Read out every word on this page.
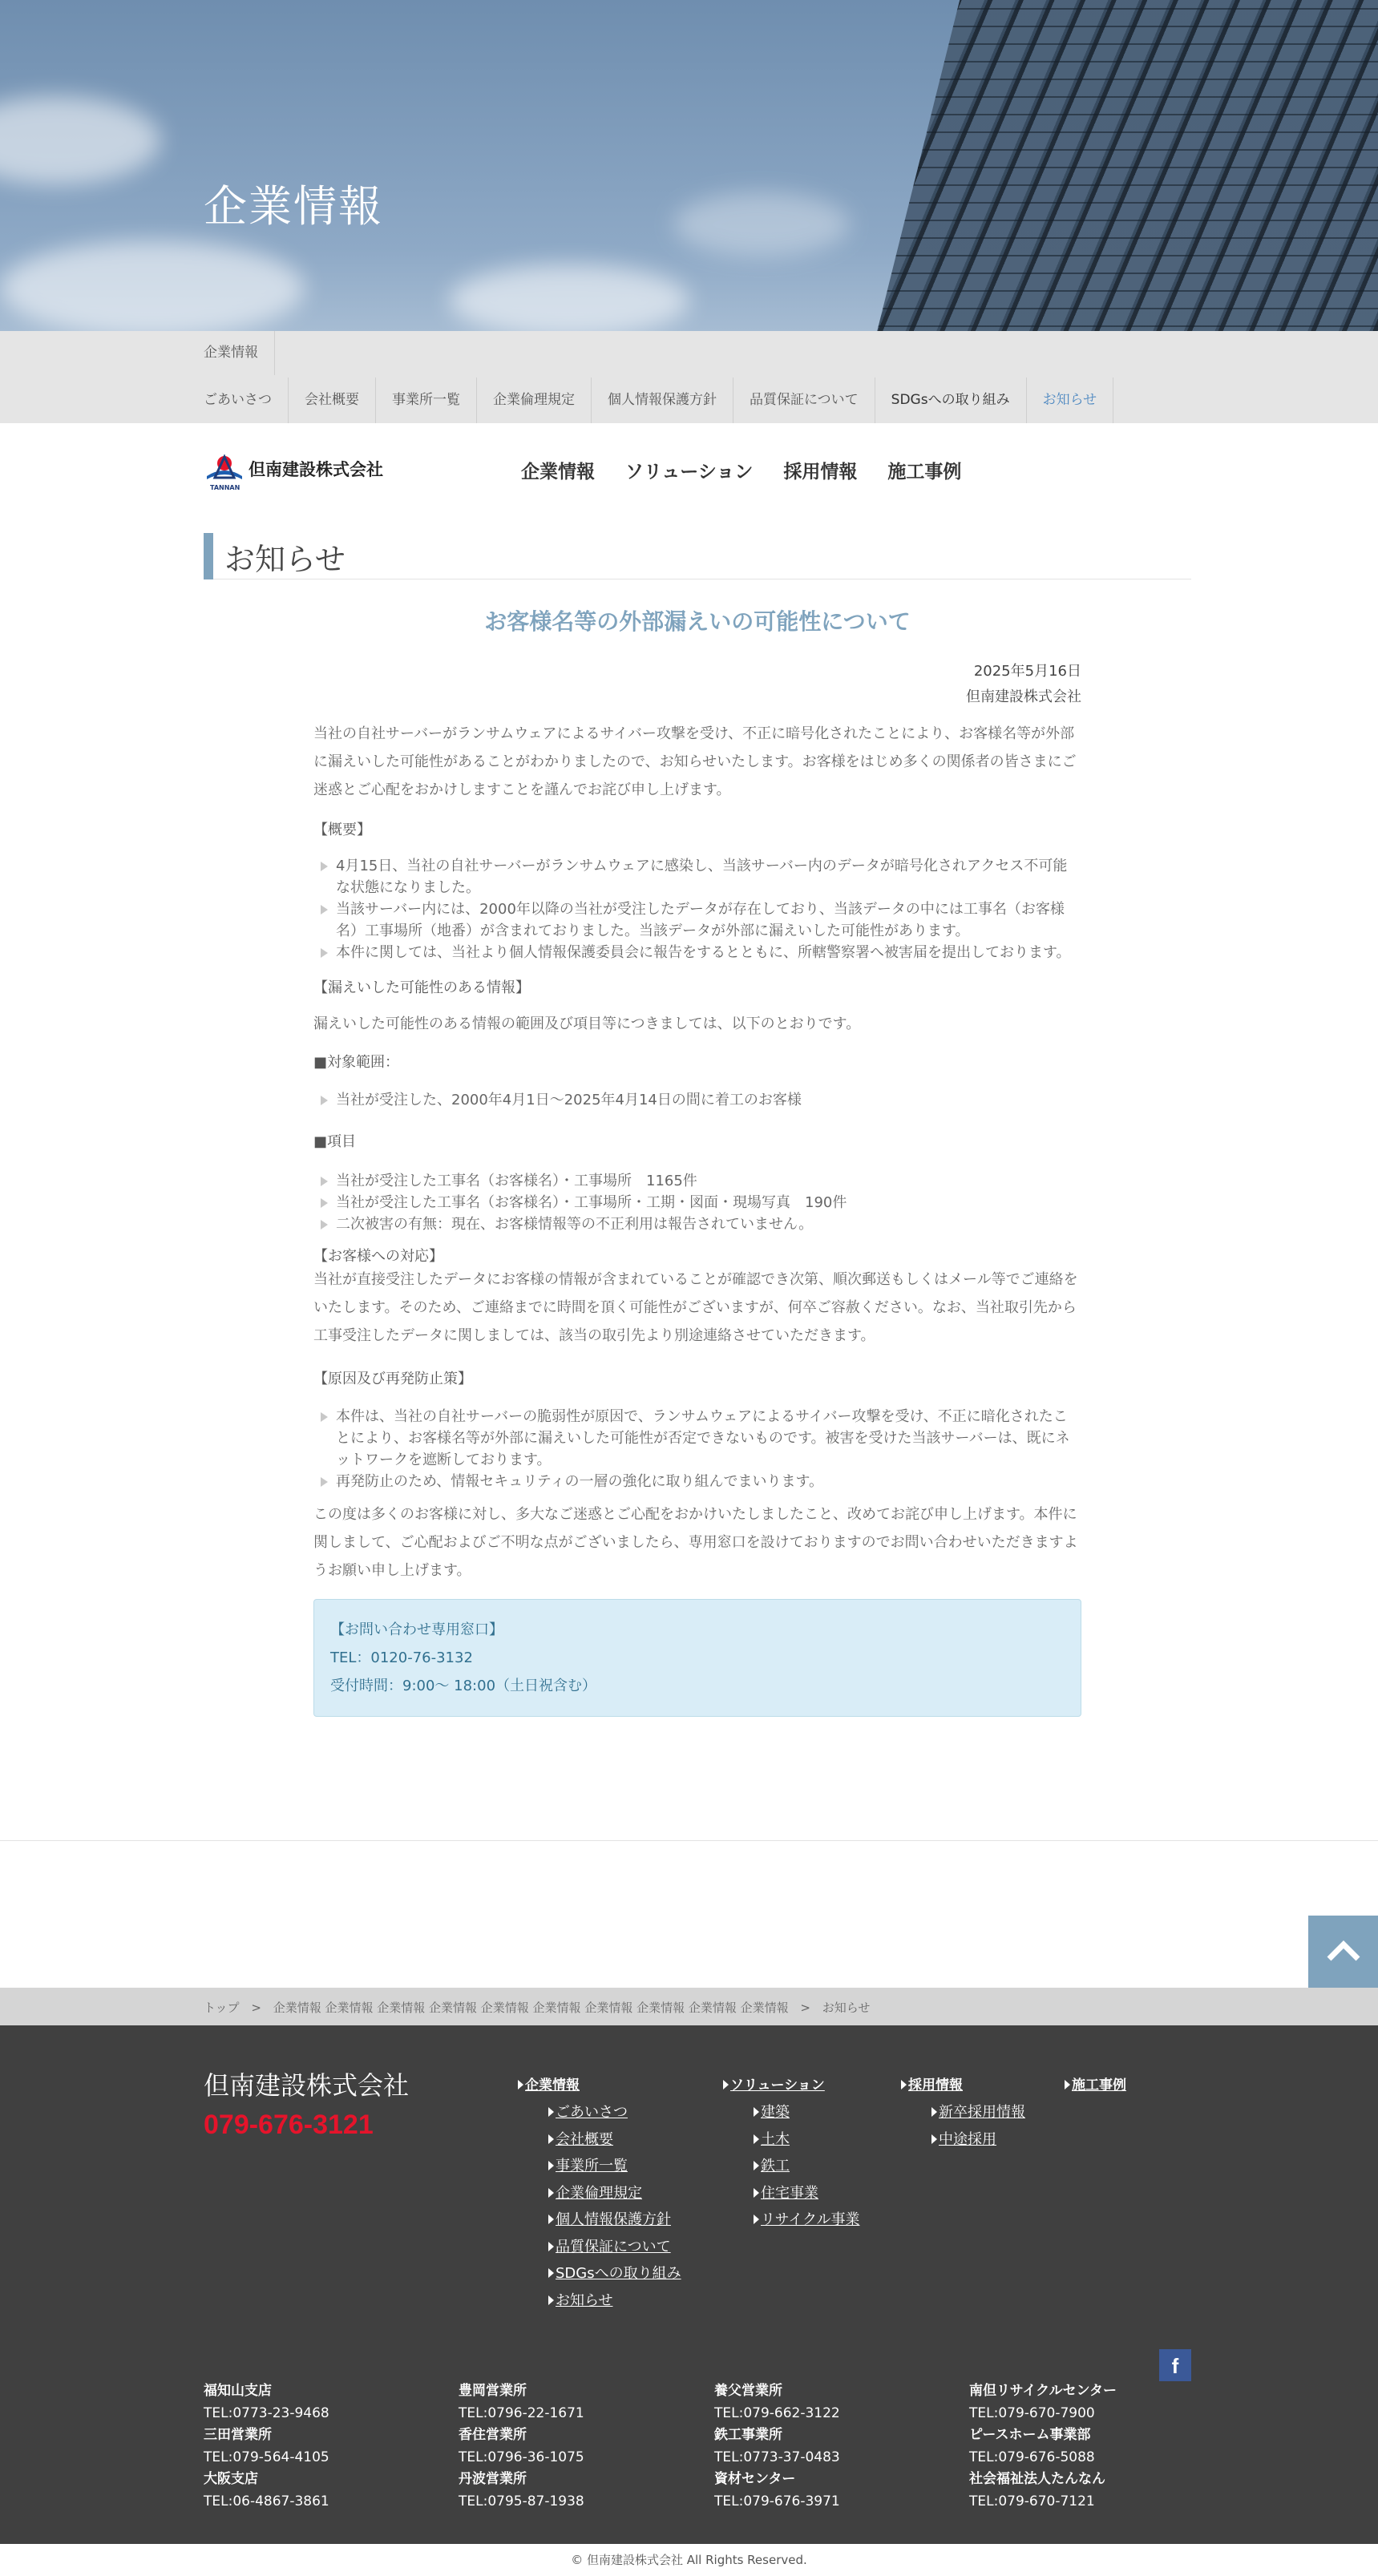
企業情報
企業情報
ごあいさつ	会社概要	事業所一覧	企業倫理規定	個人情報保護方針	品質保証について	SDGsへの取り組み	お知らせ
TANNAN
但南建設株式会社	企業情報 ソリューション 採用情報 施工事例
お知らせ
お客様名等の外部漏えいの可能性について
2025年5月16日
但南建設株式会社

当社の自社サーバーがランサムウェアによるサイバー攻撃を受け、不正に暗号化されたことにより、お客様名等が外部に漏えいした可能性があることがわかりましたので、お知らせいたします。お客様をはじめ多くの関係者の皆さまにご迷惑とご心配をおかけしますことを謹んでお詫び申し上げます。

【概要】
4月15日、当社の自社サーバーがランサムウェアに感染し、当該サーバー内のデータが暗号化されアクセス不可能な状態になりました。
当該サーバー内には、2000年以降の当社が受注したデータが存在しており、当該データの中には工事名（お客様名）工事場所（地番）が含まれておりました。当該データが外部に漏えいした可能性があります。
本件に関しては、当社より個人情報保護委員会に報告をするとともに、所轄警察署へ被害届を提出しております。
【漏えいした可能性のある情報】

漏えいした可能性のある情報の範囲及び項目等につきましては、以下のとおりです。

■対象範囲：
当社が受注した、2000年4月1日～2025年4月14日の間に着工のお客様
■項目
当社が受注した工事名（お客様名）・工事場所　1165件
当社が受注した工事名（お客様名）・工事場所・工期・図面・現場写真　190件
二次被害の有無：現在、お客様情報等の不正利用は報告されていません。
【お客様への対応】

当社が直接受注したデータにお客様の情報が含まれていることが確認でき次第、順次郵送もしくはメール等でご連絡をいたします。そのため、ご連絡までに時間を頂く可能性がございますが、何卒ご容赦ください。なお、当社取引先から工事受注したデータに関しましては、該当の取引先より別途連絡させていただきます。

【原因及び再発防止策】
本件は、当社の自社サーバーの脆弱性が原因で、ランサムウェアによるサイバー攻撃を受け、不正に暗化されたことにより、お客様名等が外部に漏えいした可能性が否定できないものです。被害を受けた当該サーバーは、既にネットワークを遮断しております。
再発防止のため、情報セキュリティの一層の強化に取り組んでまいります。

この度は多くのお客様に対し、多大なご迷惑とご心配をおかけいたしましたこと、改めてお詫び申し上げます。本件に関しまして、ご心配およびご不明な点がございましたら、専用窓口を設けておりますのでお問い合わせいただきますようお願い申し上げます。

【お問い合わせ専用窓口】
TEL：0120-76-3132
受付時間：9:00～ 18:00（土日祝含む）
トップ > 企業情報 企業情報 企業情報 企業情報 企業情報 企業情報 企業情報 企業情報 企業情報 企業情報 > お知らせ
但南建設株式会社
079-676-3121
企業情報
ごあいさつ
会社概要
事業所一覧
企業倫理規定
個人情報保護方針
品質保証について
SDGsへの取り組み
お知らせ
ソリューション
建築
土木
鉄工
住宅事業
リサイクル事業
採用情報
新卒採用情報
中途採用
施工事例
f
福知山支店
TEL:0773-23-9468
三田営業所
TEL:079-564-4105
大阪支店
TEL:06-4867-3861
豊岡営業所
TEL:0796-22-1671
香住営業所
TEL:0796-36-1075
丹波営業所
TEL:0795-87-1938
養父営業所
TEL:079-662-3122
鉄工事業所
TEL:0773-37-0483
資材センター
TEL:079-676-3971
南但リサイクルセンター
TEL:079-670-7900
ピースホーム事業部
TEL:079-676-5088
社会福祉法人たんなん
TEL:079-670-7121
© 但南建設株式会社 All Rights Reserved.
